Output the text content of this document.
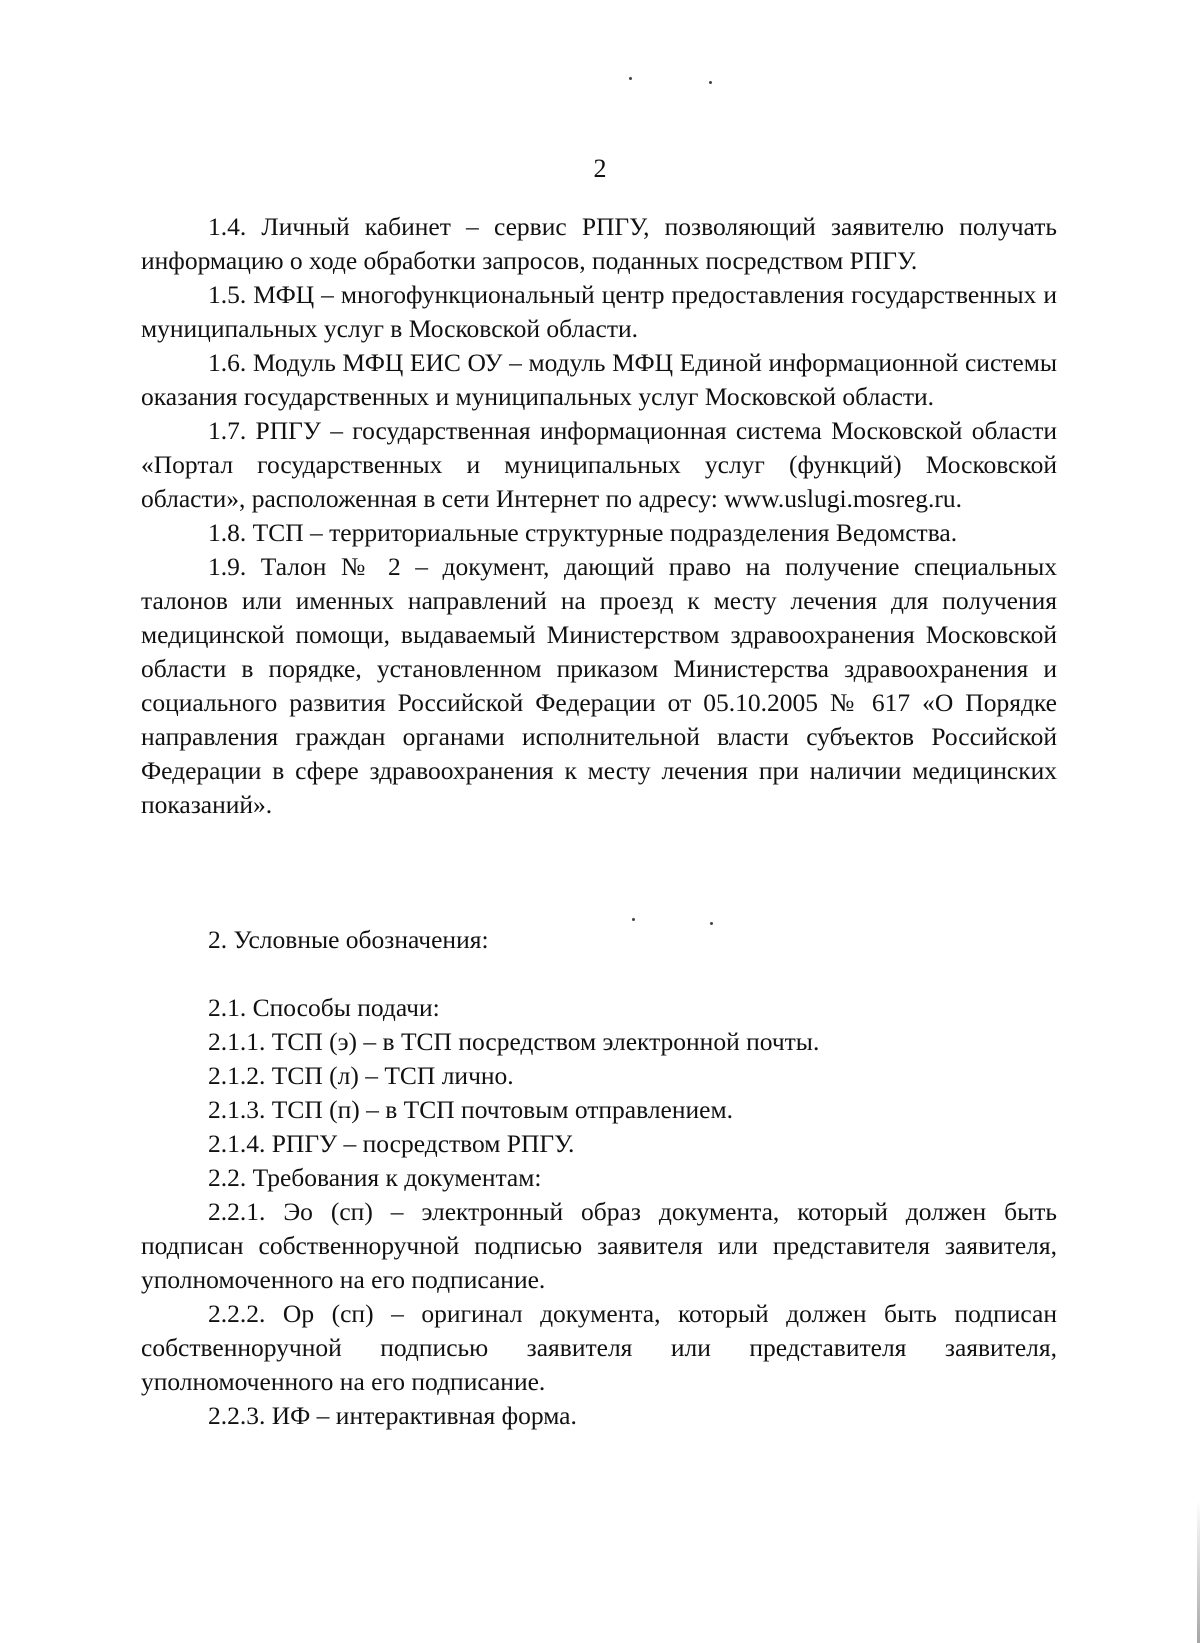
2

1.4. Личный кабинет – сервис РПГУ, позволяющий заявителю получать информацию о ходе обработки запросов, поданных посредством РПГУ.

1.5. МФЦ – многофункциональный центр предоставления государственных и муниципальных услуг в Московской области.

1.6. Модуль МФЦ ЕИС ОУ – модуль МФЦ Единой информационной системы оказания государственных и муниципальных услуг Московской области.

1.7. РПГУ – государственная информационная система Московской области «Портал государственных и муниципальных услуг (функций) Московской области», расположенная в сети Интернет по адресу: www.uslugi.mosreg.ru.

1.8. ТСП – территориальные структурные подразделения Ведомства.

1.9. Талон № 2 – документ, дающий право на получение специальных талонов или именных направлений на проезд к месту лечения для получения медицинской помощи, выдаваемый Министерством здравоохранения Московской области в порядке, установленном приказом Министерства здравоохранения и социального развития Российской Федерации от 05.10.2005 № 617 «О Порядке направления граждан органами исполнительной власти субъектов Российской Федерации в сфере здравоохранения к месту лечения при наличии медицинских показаний».

2. Условные обозначения:

2.1. Способы подачи:

2.1.1. ТСП (э) – в ТСП посредством электронной почты.

2.1.2. ТСП (л) – ТСП лично.

2.1.3. ТСП (п) – в ТСП почтовым отправлением.

2.1.4. РПГУ – посредством РПГУ.

2.2. Требования к документам:

2.2.1. Эо (сп) – электронный образ документа, который должен быть подписан собственноручной подписью заявителя или представителя заявителя, уполномоченного на его подписание.

2.2.2. Ор (сп) – оригинал документа, который должен быть подписан собственноручной подписью заявителя или представителя заявителя, уполномоченного на его подписание.

2.2.3. ИФ – интерактивная форма.
